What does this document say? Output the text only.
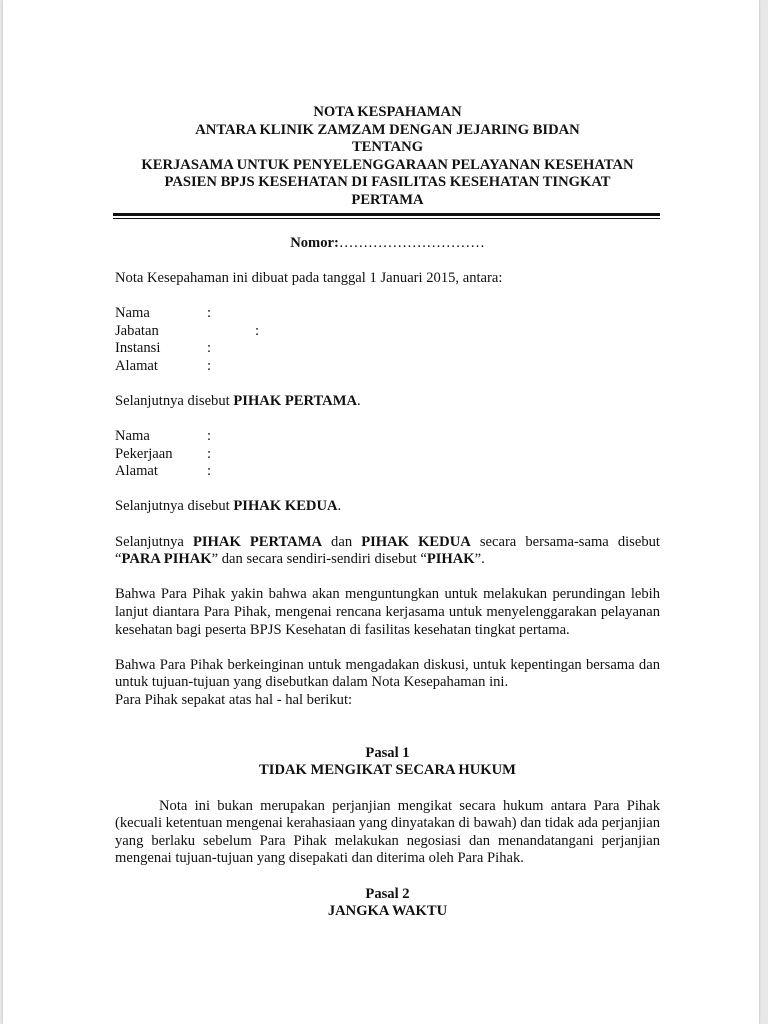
NOTA KESPAHAMAN
ANTARA KLINIK ZAMZAM DENGAN JEJARING BIDAN
TENTANG
KERJASAMA UNTUK PENYELENGGARAAN PELAYANAN KESEHATAN
PASIEN BPJS KESEHATAN DI FASILITAS KESEHATAN TINGKAT
PERTAMA
Nomor:…………………………

Nota Kesepahaman ini dibuat pada tanggal 1 Januari 2015, antara:

Nama	:
Jabatan	:
Instansi	:
Alamat	:

Selanjutnya disebut PIHAK PERTAMA.

Nama	:
Pekerjaan	:
Alamat	:

Selanjutnya disebut PIHAK KEDUA.

Selanjutnya PIHAK PERTAMA dan PIHAK KEDUA secara bersama-sama disebut “PARA PIHAK” dan secara sendiri-sendiri disebut “PIHAK”.

Bahwa Para Pihak yakin bahwa akan menguntungkan untuk melakukan perundingan lebih lanjut diantara Para Pihak, mengenai rencana kerjasama untuk menyelenggarakan pelayanan kesehatan bagi peserta BPJS Kesehatan di fasilitas kesehatan tingkat pertama.

Bahwa Para Pihak berkeinginan untuk mengadakan diskusi, untuk kepentingan bersama dan untuk tujuan-tujuan yang disebutkan dalam Nota Kesepahaman ini.

Para Pihak sepakat atas hal - hal berikut:

Pasal 1

TIDAK MENGIKAT SECARA HUKUM

Nota ini bukan merupakan perjanjian mengikat secara hukum antara Para Pihak (kecuali ketentuan mengenai kerahasiaan yang dinyatakan di bawah) dan tidak ada perjanjian yang berlaku sebelum Para Pihak melakukan negosiasi dan menandatangani perjanjian mengenai tujuan-tujuan yang disepakati dan diterima oleh Para Pihak.

Pasal 2

JANGKA WAKTU
